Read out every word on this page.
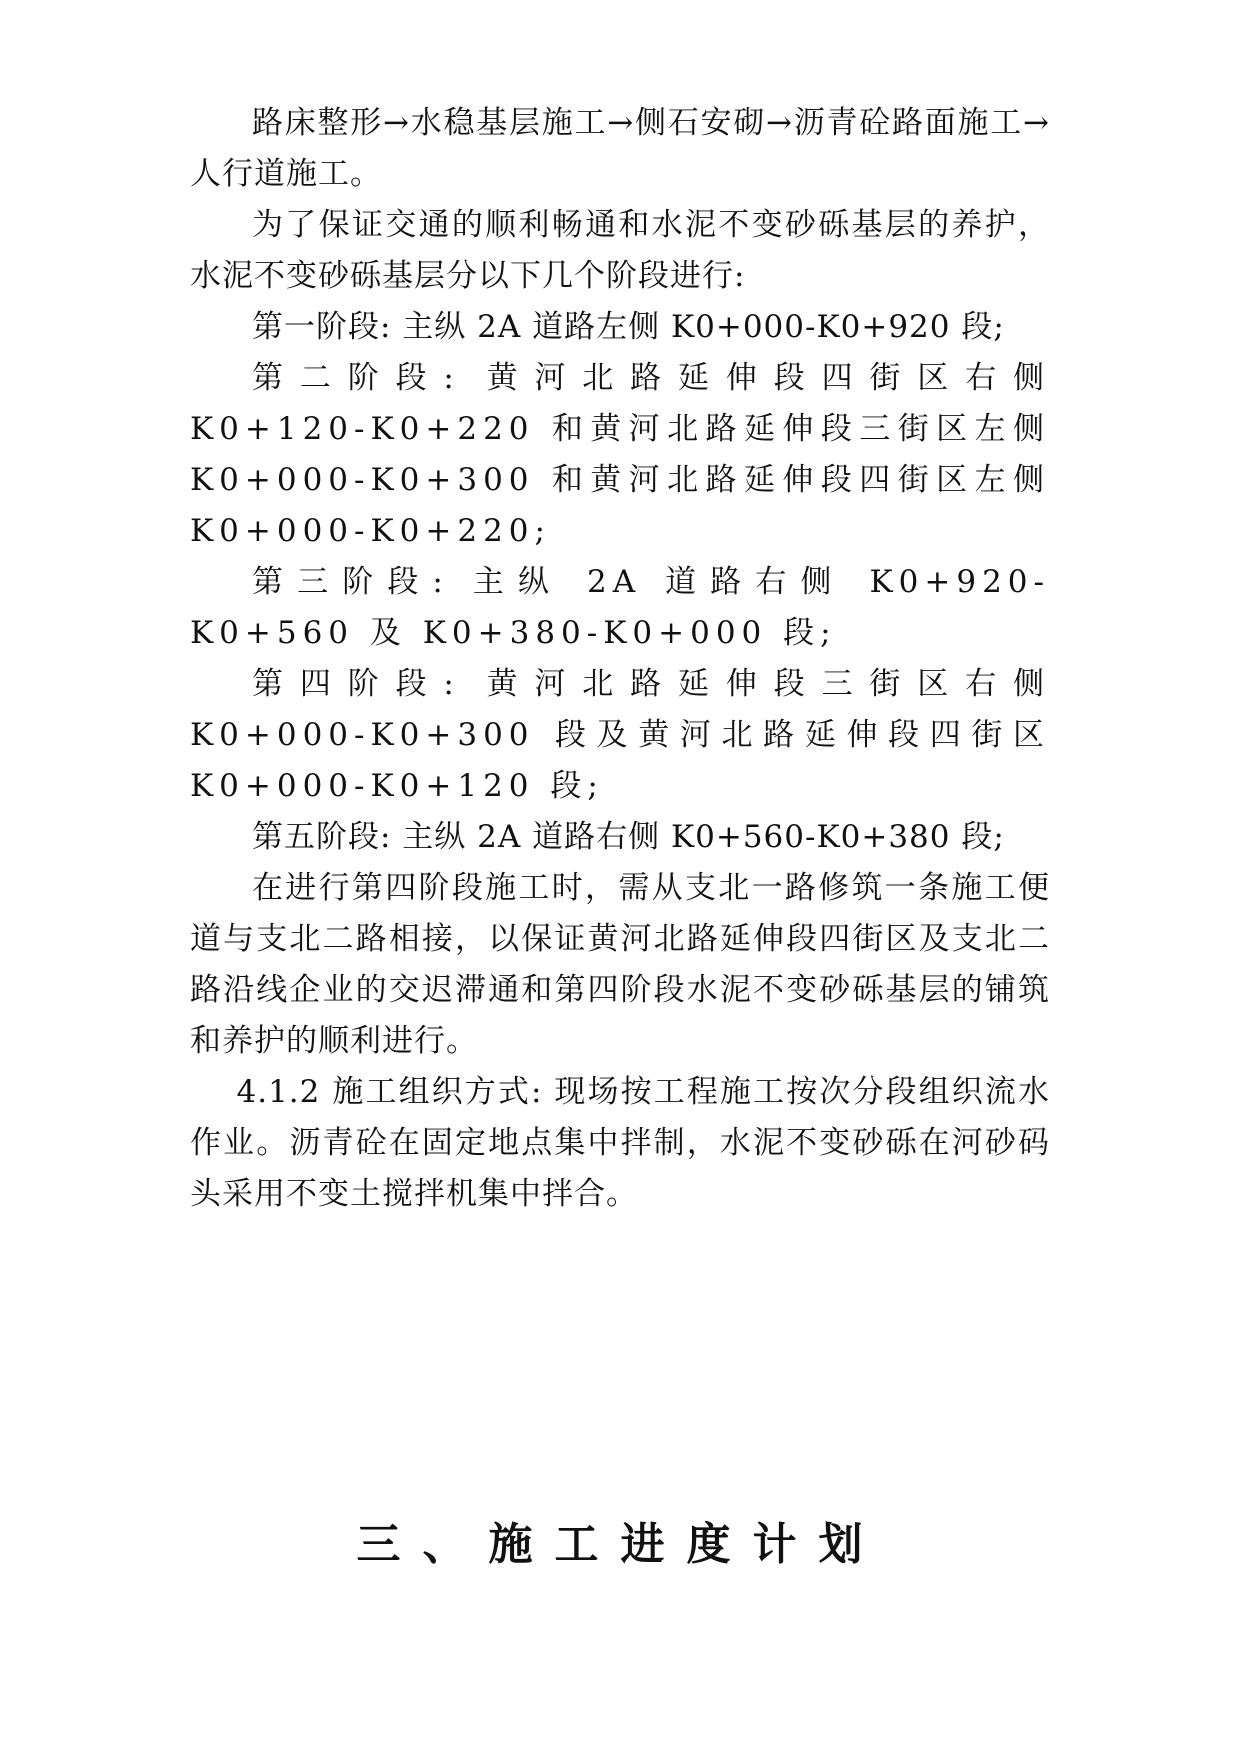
路床整形→水稳基层施工→侧石安砌→沥青砼路面施工→人行道施工。

为了保证交通的顺利畅通和水泥不变砂砾基层的养护，水泥不变砂砾基层分以下几个阶段进行:

第一阶段: 主纵 2A 道路左侧 K0+000-K0+920 段;

第二阶段: 黄河北路延伸段四街区右侧 K0+120-K0+220 和黄河北路延伸段三街区左侧 K0+000-K0+300 和黄河北路延伸段四街区左侧 K0+000-K0+220;

第三阶段: 主纵 2A 道路右侧 K0+920-K0+560 及 K0+380-K0+000 段;

第四阶段: 黄河北路延伸段三街区右侧 K0+000-K0+300 段及黄河北路延伸段四街区 K0+000-K0+120 段;

第五阶段: 主纵 2A 道路右侧 K0+560-K0+380 段;

在进行第四阶段施工时，需从支北一路修筑一条施工便道与支北二路相接，以保证黄河北路延伸段四街区及支北二路沿线企业的交迟滞通和第四阶段水泥不变砂砾基层的铺筑和养护的顺利进行。

4.1.2 施工组织方式: 现场按工程施工按次分段组织流水作业。沥青砼在固定地点集中拌制，水泥不变砂砾在河砂码头采用不变土搅拌机集中拌合。

三、施工进度计划
